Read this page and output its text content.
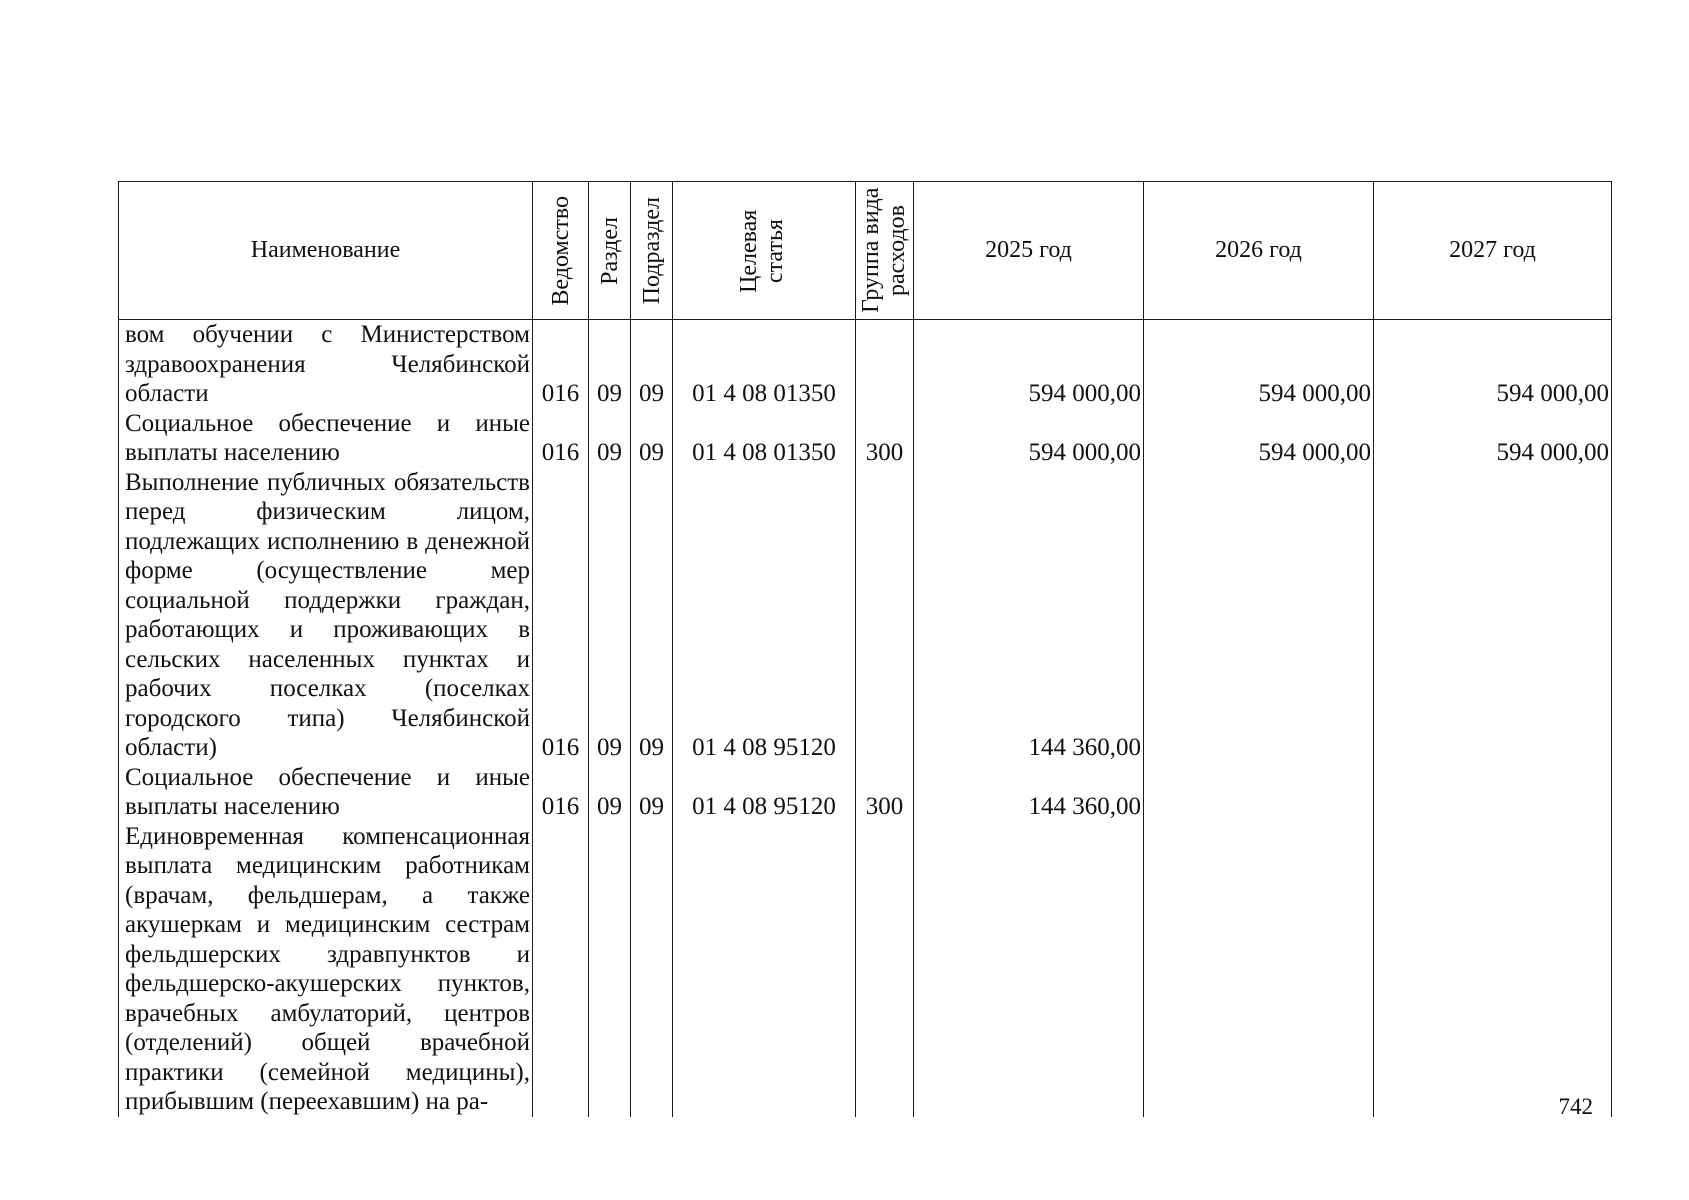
Наименование	Ведомство	Раздел	Подраздел	Целевая статья	Группа вида расходов	2025 год	2026 год	2027 год
вом обучении с Министерством здравоохранения Челябинской области	016	09	09	01 4 08 01350		594 000,00	594 000,00	594 000,00
Социальное обеспечение и иные выплаты населению	016	09	09	01 4 08 01350	300	594 000,00	594 000,00	594 000,00
Выполнение публичных обязательств перед физическим лицом, подлежащих исполнению в денежной форме (осуществление мер социальной поддержки граждан, работающих и проживающих в сельских населенных пунктах и рабочих поселках (поселках городского типа) Челябинской области)	016	09	09	01 4 08 95120		144 360,00		
Социальное обеспечение и иные выплаты населению	016	09	09	01 4 08 95120	300	144 360,00		
Единовременная компенсационная выплата медицинским работникам (врачам, фельдшерам, а также акушеркам и медицинским сестрам фельдшерских здравпунктов и фельдшерско-акушерских пунктов, врачебных амбулаторий, центров (отделений) общей врачебной практики (семейной медицины), прибывшим (переехавшим) на ра-									742
